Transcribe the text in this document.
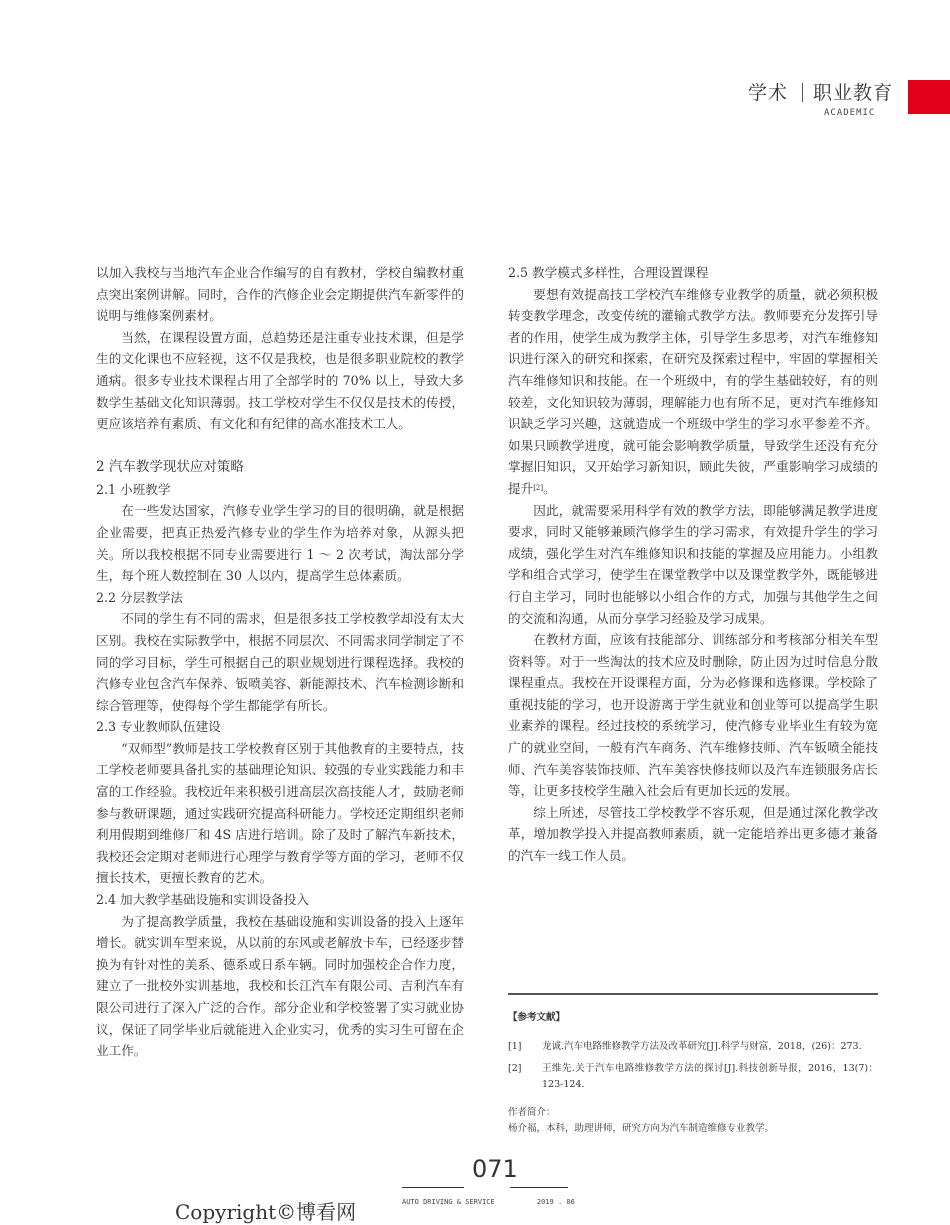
学术 职业教育
ACADEMIC

以加入我校与当地汽车企业合作编写的自有教材，学校自编教材重点突出案例讲解。同时，合作的汽修企业会定期提供汽车新零件的说明与维修案例素材。

当然，在课程设置方面，总趋势还是注重专业技术课，但是学生的文化课也不应轻视，这不仅是我校，也是很多职业院校的教学通病。很多专业技术课程占用了全部学时的 70% 以上，导致大多数学生基础文化知识薄弱。技工学校对学生不仅仅是技术的传授，更应该培养有素质、有文化和有纪律的高水准技术工人。

2 汽车教学现状应对策略
2.1 小班教学

在一些发达国家，汽修专业学生学习的目的很明确，就是根据企业需要，把真正热爱汽修专业的学生作为培养对象，从源头把关。所以我校根据不同专业需要进行 1 ～ 2 次考试，淘汰部分学生，每个班人数控制在 30 人以内，提高学生总体素质。

2.2 分层教学法

不同的学生有不同的需求，但是很多技工学校教学却没有太大区别。我校在实际教学中，根据不同层次、不同需求同学制定了不同的学习目标，学生可根据自己的职业规划进行课程选择。我校的汽修专业包含汽车保养、钣喷美容、新能源技术、汽车检测诊断和综合管理等，使得每个学生都能学有所长。

2.3 专业教师队伍建设

“双师型”教师是技工学校教育区别于其他教育的主要特点，技工学校老师要具备扎实的基础理论知识、较强的专业实践能力和丰富的工作经验。我校近年来积极引进高层次高技能人才，鼓励老师参与教研课题，通过实践研究提高科研能力。学校还定期组织老师利用假期到维修厂和 4S 店进行培训。除了及时了解汽车新技术，我校还会定期对老师进行心理学与教育学等方面的学习，老师不仅擅长技术，更擅长教育的艺术。

2.4 加大教学基础设施和实训设备投入

为了提高教学质量，我校在基础设施和实训设备的投入上逐年增长。就实训车型来说，从以前的东风或老解放卡车，已经逐步替换为有针对性的美系、德系或日系车辆。同时加强校企合作力度，建立了一批校外实训基地，我校和长江汽车有限公司、吉利汽车有限公司进行了深入广泛的合作。部分企业和学校签署了实习就业协议，保证了同学毕业后就能进入企业实习，优秀的实习生可留在企业工作。

2.5 教学模式多样性，合理设置课程

要想有效提高技工学校汽车维修专业教学的质量，就必须积极转变教学理念，改变传统的灌输式教学方法。教师要充分发挥引导者的作用，使学生成为教学主体，引导学生多思考，对汽车维修知识进行深入的研究和探索，在研究及探索过程中，牢固的掌握相关汽车维修知识和技能。在一个班级中，有的学生基础较好，有的则较差，文化知识较为薄弱，理解能力也有所不足，更对汽车维修知识缺乏学习兴趣，这就造成一个班级中学生的学习水平参差不齐。如果只顾教学进度，就可能会影响教学质量，导致学生还没有充分掌握旧知识，又开始学习新知识，顾此失彼，严重影响学习成绩的提升[2]。

因此，就需要采用科学有效的教学方法，即能够满足教学进度要求，同时又能够兼顾汽修学生的学习需求，有效提升学生的学习成绩，强化学生对汽车维修知识和技能的掌握及应用能力。小组教学和组合式学习，使学生在课堂教学中以及课堂教学外，既能够进行自主学习，同时也能够以小组合作的方式，加强与其他学生之间的交流和沟通，从而分享学习经验及学习成果。

在教材方面，应该有技能部分、训练部分和考核部分相关车型资料等。对于一些淘汰的技术应及时删除，防止因为过时信息分散课程重点。我校在开设课程方面，分为必修课和选修课。学校除了重视技能的学习，也开设游离于学生就业和创业等可以提高学生职业素养的课程。经过技校的系统学习，使汽修专业毕业生有较为宽广的就业空间，一般有汽车商务、汽车维修技师、汽车钣喷全能技师、汽车美容装饰技师、汽车美容快修技师以及汽车连锁服务店长等，让更多技校学生融入社会后有更加长远的发展。

综上所述，尽管技工学校教学不容乐观，但是通过深化教学改革，增加教学投入并提高教师素质，就一定能培养出更多德才兼备的汽车一线工作人员。

【参考文献】
[1]	龙诚.汽车电路维修教学方法及改革研究[J].科学与财富，2018，(26)：273.
[2]	王维先.关于汽车电路维修教学方法的探讨[J].科技创新导报，2016，13(7)：123-124.
作者简介：
杨介福，本科，助理讲师，研究方向为汽车制造维修专业教学。
071
AUTO DRIVING & SERVICE	2019 . 06
Copyright©博看网
